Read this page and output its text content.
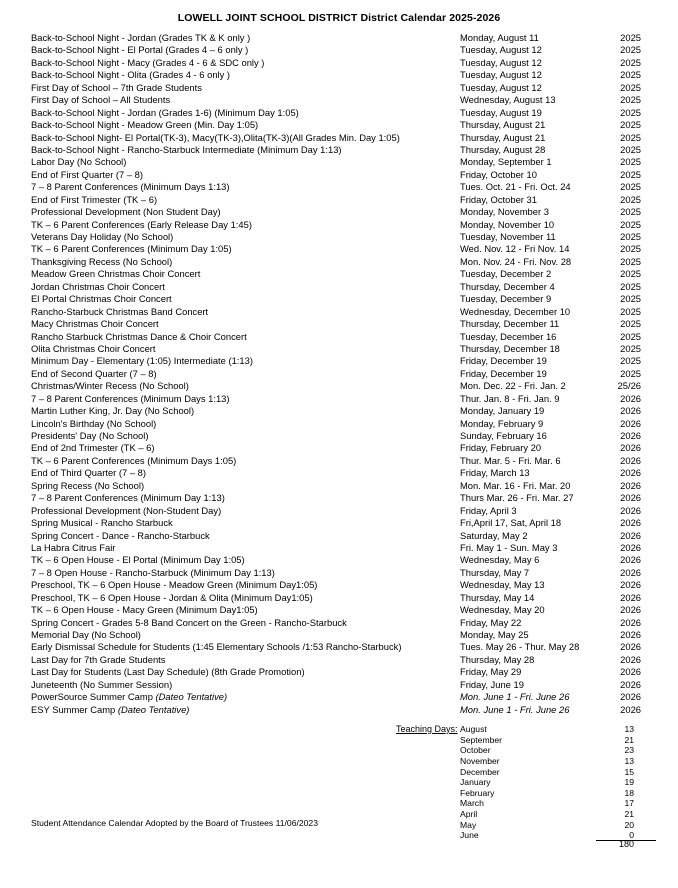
LOWELL JOINT SCHOOL DISTRICT District Calendar 2025-2026
Back-to-School Night - Jordan (Grades TK & K only )	Monday, August 11	2025
Back-to-School Night - El Portal (Grades 4 – 6 only )	Tuesday, August 12	2025
Back-to-School Night - Macy (Grades 4 - 6 & SDC only )	Tuesday, August 12	2025
Back-to-School Night - Olita (Grades 4 - 6 only )	Tuesday, August 12	2025
First Day of School – 7th Grade Students	Tuesday, August 12	2025
First Day of School – All Students	Wednesday, August 13	2025
Back-to-School Night - Jordan (Grades 1-6) (Minimum Day 1:05)	Tuesday, August 19	2025
Back-to-School Night - Meadow Green (Min. Day 1:05)	Thursday, August 21	2025
Back-to-School Night- El Portal(TK-3), Macy(TK-3),Olita(TK-3)(All Grades Min. Day 1:05)	Thursday, August 21	2025
Back-to-School Night - Rancho-Starbuck Intermediate (Minimum Day 1:13)	Thursday, August 28	2025
Labor Day (No School)	Monday, September 1	2025
End of First Quarter (7 – 8)	Friday, October 10	2025
7 – 8 Parent Conferences (Minimum Days 1:13)	Tues. Oct. 21 - Fri. Oct. 24	2025
End of First Trimester (TK – 6)	Friday, October 31	2025
Professional Development (Non Student Day)	Monday, November 3	2025
TK – 6 Parent Conferences (Early Release Day 1:45)	Monday, November 10	2025
Veterans Day Holiday (No School)	Tuesday, November 11	2025
TK – 6 Parent Conferences (Minimum Day 1:05)	Wed. Nov. 12 - Fri Nov. 14	2025
Thanksgiving Recess (No School)	Mon. Nov. 24 - Fri. Nov. 28	2025
Meadow Green Christmas Choir Concert	Tuesday, December 2	2025
Jordan Christmas Choir Concert	Thursday, December 4	2025
El Portal Christmas Choir Concert	Tuesday, December 9	2025
Rancho-Starbuck Christmas Band Concert	Wednesday, December 10	2025
Macy Christmas Choir Concert	Thursday, December 11	2025
Rancho Starbuck Christmas Dance & Choir Concert	Tuesday, December 16	2025
Olita Christmas Choir Concert	Thursday, December 18	2025
Minimum Day - Elementary (1:05) Intermediate (1:13)	Friday, December 19	2025
End of Second Quarter (7 – 8)	Friday, December 19	2025
Christmas/Winter Recess (No School)	Mon. Dec. 22 - Fri. Jan. 2	25/26
7 – 8 Parent Conferences (Minimum Days 1:13)	Thur. Jan. 8 - Fri. Jan. 9	2026
Martin Luther King, Jr. Day (No School)	Monday, January 19	2026
Lincoln's Birthday (No School)	Monday, February 9	2026
Presidents' Day (No School)	Sunday, February 16	2026
End of 2nd Trimester (TK – 6)	Friday, February 20	2026
TK – 6 Parent Conferences (Minimum Days 1:05)	Thur. Mar. 5 - Fri. Mar. 6	2026
End of Third Quarter (7 – 8)	Friday, March 13	2026
Spring Recess (No School)	Mon. Mar. 16 - Fri. Mar. 20	2026
7 – 8 Parent Conferences (Minimum Day 1:13)	Thurs Mar. 26 - Fri. Mar. 27	2026
Professional Development (Non-Student Day)	Friday, April 3	2026
Spring Musical - Rancho Starbuck	Fri,April 17, Sat, April 18	2026
Spring Concert - Dance - Rancho-Starbuck	Saturday, May 2	2026
La Habra Citrus Fair	Fri. May 1 - Sun. May 3	2026
TK – 6 Open House - El Portal (Minimum Day 1:05)	Wednesday, May 6	2026
7 – 8 Open House - Rancho-Starbuck (Minimum Day 1:13)	Thursday, May 7	2026
Preschool, TK – 6 Open House - Meadow Green (Minimum Day1:05)	Wednesday, May 13	2026
Preschool, TK – 6 Open House - Jordan & Olita (Minimum Day1:05)	Thursday, May 14	2026
TK – 6 Open House - Macy Green (Minimum Day1:05)	Wednesday, May 20	2026
Spring Concert - Grades 5-8 Band Concert on the Green - Rancho-Starbuck	Friday, May 22	2026
Memorial Day (No School)	Monday, May 25	2026
Early Dismissal Schedule for Students (1:45 Elementary Schools /1:53 Rancho-Starbuck)	Tues. May 26 - Thur. May 28	2026
Last Day for 7th Grade Students	Thursday, May 28	2026
Last Day for Students (Last Day Schedule) (8th Grade Promotion)	Friday, May 29	2026
Juneteenth (No Summer Session)	Friday, June 19	2026
PowerSource Summer Camp (Dateo Tentative)	Mon. June 1 - Fri. June 26	2026
ESY Summer Camp (Dateo Tentative)	Mon. June 1 - Fri. June 26	2026
Teaching Days: August	13
September	21
October	23
November	13
December	15
January	19
February	18
March	17
April	21
May	20
June	0
180
Student Attendance Calendar Adopted by the Board of Trustees 11/06/2023
